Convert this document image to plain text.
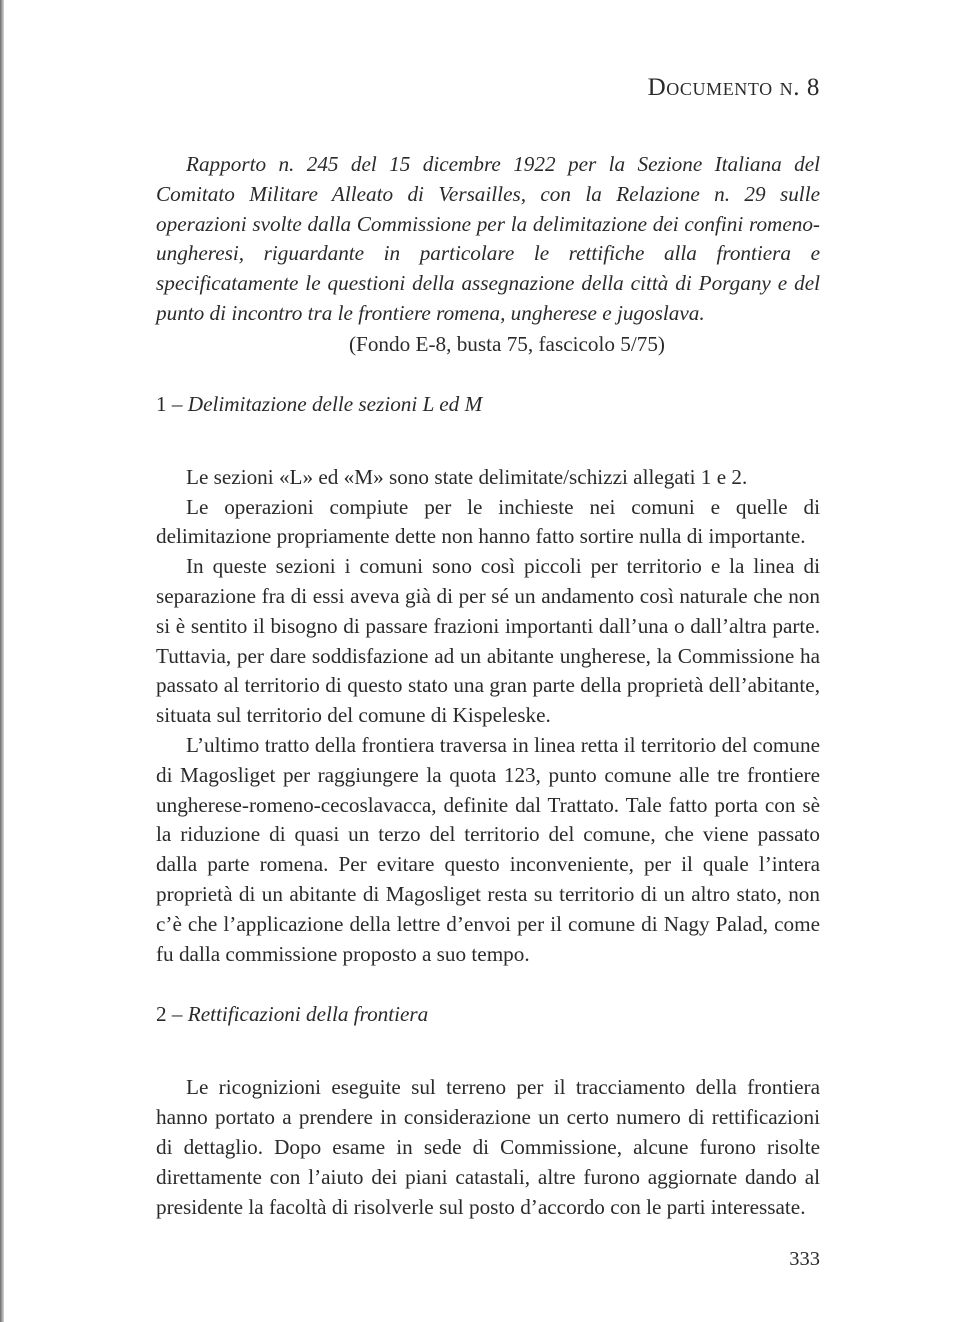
Documento n. 8

Rapporto n. 245 del 15 dicembre 1922 per la Sezione Italiana del Comitato Militare Alleato di Versailles, con la Relazione n. 29 sulle operazioni svolte dalla Commissione per la delimitazione dei confini romeno-ungheresi, riguardante in particolare le rettifiche alla frontiera e specificatamente le questioni della assegnazione della città di Porgany e del punto di incontro tra le frontiere romena, ungherese e jugoslava.

(Fondo E-8, busta 75, fascicolo 5/75)

1 – Delimitazione delle sezioni L ed M

Le sezioni «L» ed «M» sono state delimitate/schizzi allegati 1 e 2.

Le operazioni compiute per le inchieste nei comuni e quelle di delimitazione propriamente dette non hanno fatto sortire nulla di importante.

In queste sezioni i comuni sono così piccoli per territorio e la linea di separazione fra di essi aveva già di per sé un andamento così naturale che non si è sentito il bisogno di passare frazioni importanti dall’una o dall’altra parte. Tuttavia, per dare soddisfazione ad un abitante ungherese, la Commissione ha passato al territorio di questo stato una gran parte della proprietà dell’abitante, situata sul territorio del comune di Kispeleske.

L’ultimo tratto della frontiera traversa in linea retta il territorio del comune di Magosliget per raggiungere la quota 123, punto comune alle tre frontiere ungherese-romeno-cecoslavacca, definite dal Trattato. Tale fatto porta con sè la riduzione di quasi un terzo del territorio del comune, che viene passato dalla parte romena. Per evitare questo inconveniente, per il quale l’intera proprietà di un abitante di Magosliget resta su territorio di un altro stato, non c’è che l’applicazione della lettre d’envoi per il comune di Nagy Palad, come fu dalla commissione proposto a suo tempo.

2 – Rettificazioni della frontiera

Le ricognizioni eseguite sul terreno per il tracciamento della frontiera hanno portato a prendere in considerazione un certo numero di rettificazioni di dettaglio. Dopo esame in sede di Commissione, alcune furono risolte direttamente con l’aiuto dei piani catastali, altre furono aggiornate dando al presidente la facoltà di risolverle sul posto d’accordo con le parti interessate.

333
